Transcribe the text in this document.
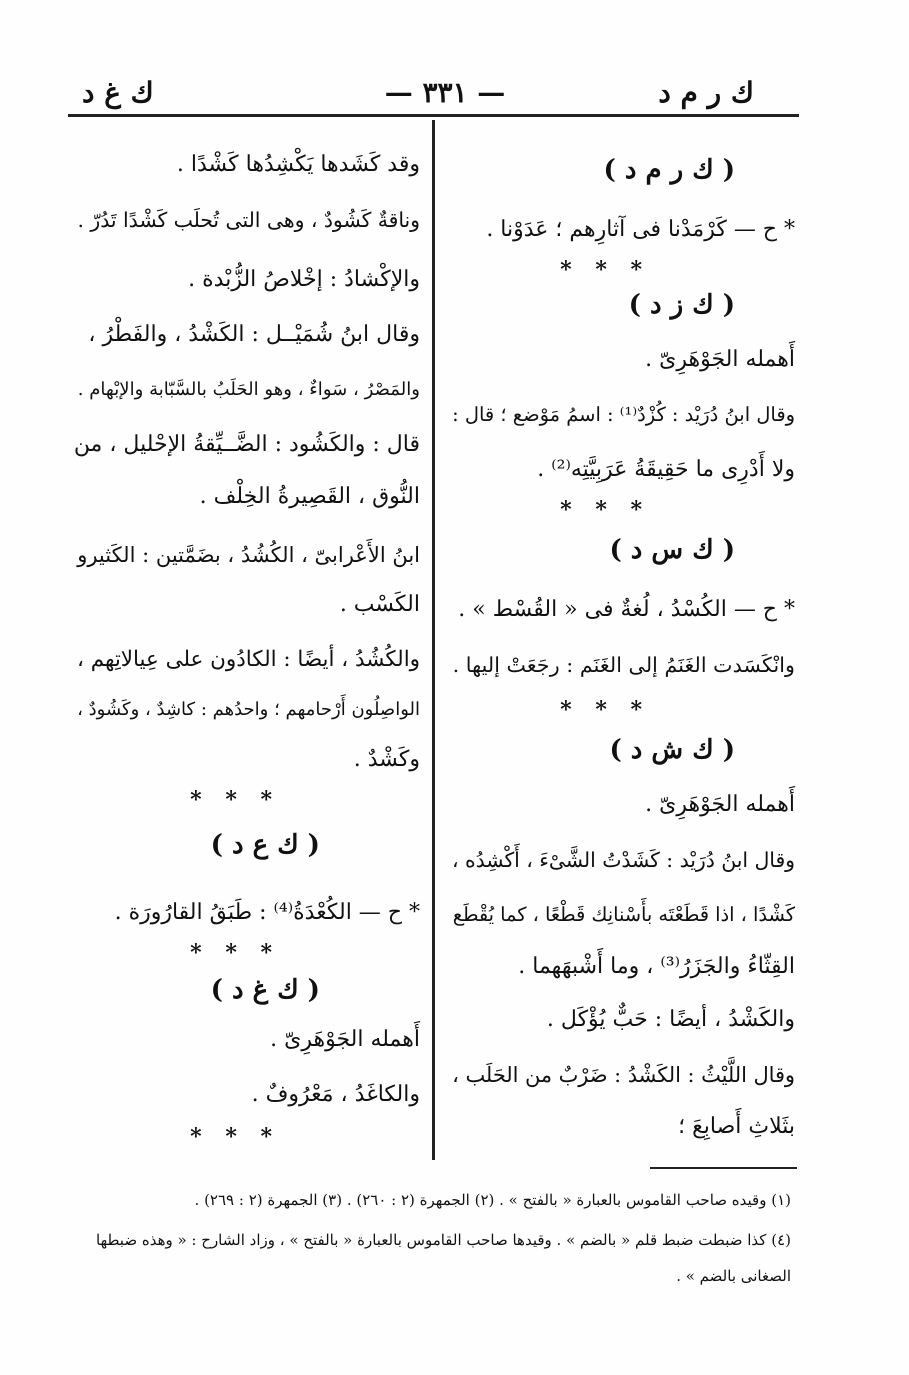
ك ر م د
— ٣٣١ —
ك غ د
( ك ر م د )
* ح — كَرْمَدْنا فى آثارِهم ؛ عَدَوْنا .
* * *
( ك ز د )
أَهمله الجَوْهَرِىّ .
وقال ابنُ دُرَيْد : كُزْدٌ⁽¹⁾ : اسمُ مَوْضع ؛ قال :
ولا أَدْرِى ما حَقِيقَةُ عَرَبِيَّتِه⁽²⁾ .
* * *
( ك س د )
* ح — الكُسْدُ ، لُغةٌ فى « القُسْط » .
وانْكَسَدت الغَنَمُ إلى الغَنَم : رجَعَتْ إليها .
* * *
( ك ش د )
أَهمله الجَوْهَرِىّ .
وقال ابنُ دُرَيْد : كَشَدْتُ الشَّىْءَ ، أَكْشِدُه ،
كَشْدًا ، اذا قَطَعْتَه بأَسْنانِك قَطْعًا ، كما يُقْطَع
القِثّاءُ والجَزَرُ⁽³⁾ ، وما أَشْبهَهما .
والكَشْدُ ، أيضًا : حَبٌّ يُؤْكَل .
وقال اللَّيْثُ : الكَشْدُ : ضَرْبٌ من الحَلَب ،
بثَلاثِ أَصابِعَ ؛
وقد كَشَدها يَكْشِدُها كَشْدًا .
وناقةٌ كَشُودٌ ، وهى التى تُحلَب كَشْدًا تَدُرّ .
والإكْشادُ : إخْلاصُ الزُّبْدة .
وقال ابنُ شُمَيْــل : الكَشْدُ ، والفَطْرُ ،
والمَصْرُ ، سَواءٌ ، وهو الحَلَبُ بالسَّبّابة والإبْهام .
قال : والكَشُود : الضَّــيِّقةُ الإحْليل ، من
النُّوق ، القَصِيرةُ الخِلْف .
ابنُ الأَعْرابىّ ، الكُشُدُ ، بضَمَّتين : الكَثيرو
الكَسْب .
والكُشُدُ ، أيضًا : الكادُون على عِيالاتِهم ،
الواصِلُون أَرْحامهم ؛ واحدُهم : كاشِدٌ ، وكَشُودٌ ،
وكَشْدٌ .
* * *
( ك ع د )
* ح — الكُعْدَةُ⁽⁴⁾ : طَبَقُ القارُورَة .
* * *
( ك غ د )
أَهمله الجَوْهَرِىّ .
والكاغَدُ ، مَعْرُوفٌ .
* * *
(١) وقيده صاحب القاموس بالعبارة « بالفتح » . (٢) الجمهرة (٢ : ٢٦٠) . (٣) الجمهرة (٢ : ٢٦٩) .
(٤) كذا ضبطت ضبط قلم « بالضم » . وقيدها صاحب القاموس بالعبارة « بالفتح » ، وزاد الشارح : « وهذه ضبطها
الصغانى بالضم » .
